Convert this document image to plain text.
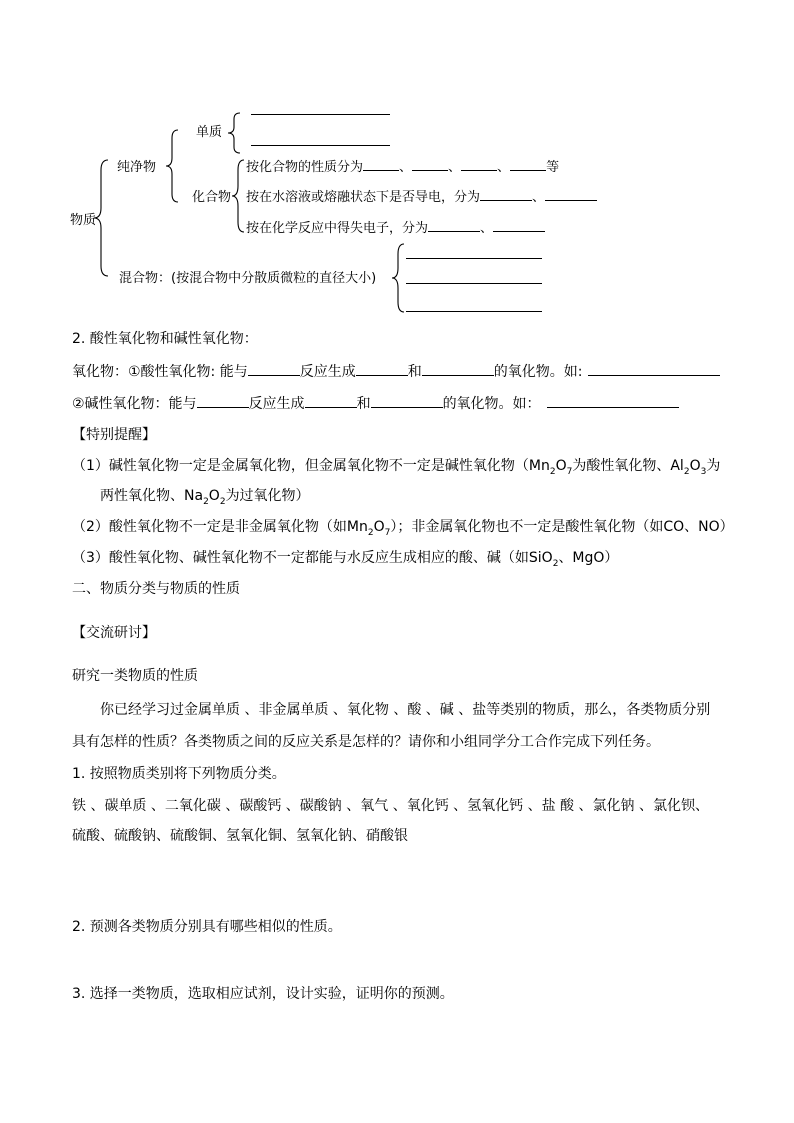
物质
纯净物
单质
化合物
按化合物的性质分为	、	、	、	等
按在水溶液或熔融状态下是否导电，分为	、
按在化学反应中得失电子，分为	、
混合物：(按混合物中分散质微粒的直径大小)
2. 酸性氧化物和碱性氧化物：
氧化物：①酸性氧化物: 能与	反应生成	和	的氧化物。如:
②碱性氧化物：能与	反应生成	和	的氧化物。如：
【特别提醒】
（1）碱性氧化物一定是金属氧化物，但金属氧化物不一定是碱性氧化物（$Mn_2O_7$为酸性氧化物、$Al_2O_3$为
两性氧化物、$Na_2O_2$为过氧化物）
（2）酸性氧化物不一定是非金属氧化物（如$Mn_2O_7$）；非金属氧化物也不一定是酸性氧化物（如CO、NO）
（3）酸性氧化物、碱性氧化物不一定都能与水反应生成相应的酸、碱（如SiO$_2$、MgO）
二、物质分类与物质的性质
【交流研讨】
研究一类物质的性质
你已经学习过金属单质 、非金属单质 、氧化物 、酸 、碱 、盐等类别的物质，那么，各类物质分别
具有怎样的性质？各类物质之间的反应关系是怎样的？请你和小组同学分工合作完成下列任务。
1. 按照物质类别将下列物质分类。
铁 、碳单质 、二氧化碳 、碳酸钙 、碳酸钠 、氧气 、氧化钙 、氢氧化钙 、盐 酸 、氯化钠 、氯化钡、
硫酸、硫酸钠、硫酸铜、氢氧化铜、氢氧化钠、硝酸银
2. 预测各类物质分别具有哪些相似的性质。
3. 选择一类物质，选取相应试剂，设计实验，证明你的预测。
